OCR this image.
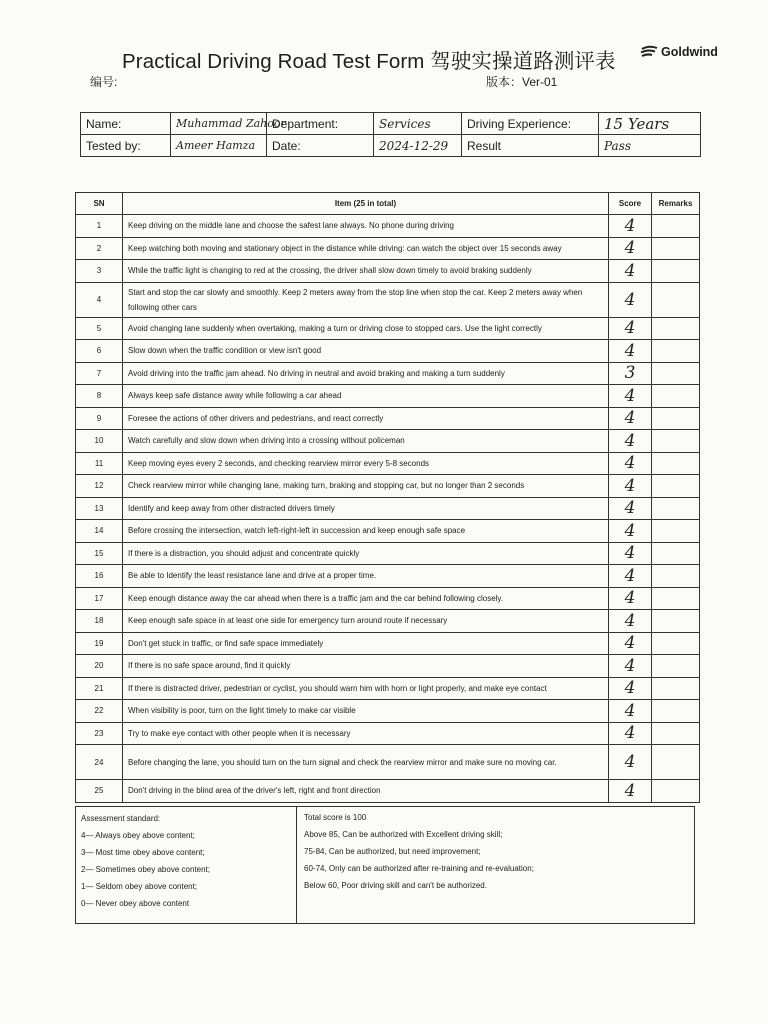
Practical Driving Road Test Form 驾驶实操道路测评表	Goldwind
编号:	版本：Ver-01
Name:	Muhammad Zahoor	Department:	Services	Driving Experience:	15 Years
Tested by:	Ameer Hamza	Date:	2024-12-29	Result	Pass
SN	Item (25 in total)	Score	Remarks
1	Keep driving on the middle lane and choose the safest lane always. No phone during driving	4	
2	Keep watching both moving and stationary object in the distance while driving: can watch the object over 15 seconds away	4	
3	While the traffic light is changing to red at the crossing, the driver shall slow down timely to avoid braking suddenly	4	
4	Start and stop the car slowly and smoothly. Keep 2 meters away from the stop line when stop the car. Keep 2 meters away when following other cars	4	
5	Avoid changing lane suddenly when overtaking, making a turn or driving close to stopped cars. Use the light correctly	4	
6	Slow down when the traffic condition or view isn't good	4	
7	Avoid driving into the traffic jam ahead. No driving in neutral and avoid braking and making a turn suddenly	3	
8	Always keep safe distance away while following a car ahead	4	
9	Foresee the actions of other drivers and pedestrians, and react correctly	4	
10	Watch carefully and slow down when driving into a crossing without policeman	4	
11	Keep moving eyes every 2 seconds, and checking rearview mirror every 5-8 seconds	4	
12	Check rearview mirror while changing lane, making turn, braking and stopping car, but no longer than 2 seconds	4	
13	Identify and keep away from other distracted drivers timely	4	
14	Before crossing the intersection, watch left-right-left in succession and keep enough safe space	4	
15	If there is a distraction, you should adjust and concentrate quickly	4	
16	Be able to Identify the least resistance lane and drive at a proper time.	4	
17	Keep enough distance away the car ahead when there is a traffic jam and the car behind following closely.	4	
18	Keep enough safe space in at least one side for emergency turn around route if necessary	4	
19	Don't get stuck in traffic, or find safe space immediately	4	
20	If there is no safe space around, find it quickly	4	
21	If there is distracted driver, pedestrian or cyclist, you should warn him with horn or light properly, and make eye contact	4	
22	When visibility is poor, turn on the light timely to make car visible	4	
23	Try to make eye contact with other people when it is necessary	4	
24	Before changing the lane, you should turn on the turn signal and check the rearview mirror and make sure no moving car.	4	
25	Don't driving in the blind area of the driver's left, right and front direction	4	
Assessment standard:
4— Always obey above content;
3— Most time obey above content;
2— Sometimes obey above content;
1— Seldom obey above content;
0— Never obey above content
Total score is 100
Above 85, Can be authorized with Excellent driving skill;
75-84, Can be authorized, but need improvement;
60-74, Only can be authorized after re-training and re-evaluation;
Below 60, Poor driving skill and can't be authorized.
